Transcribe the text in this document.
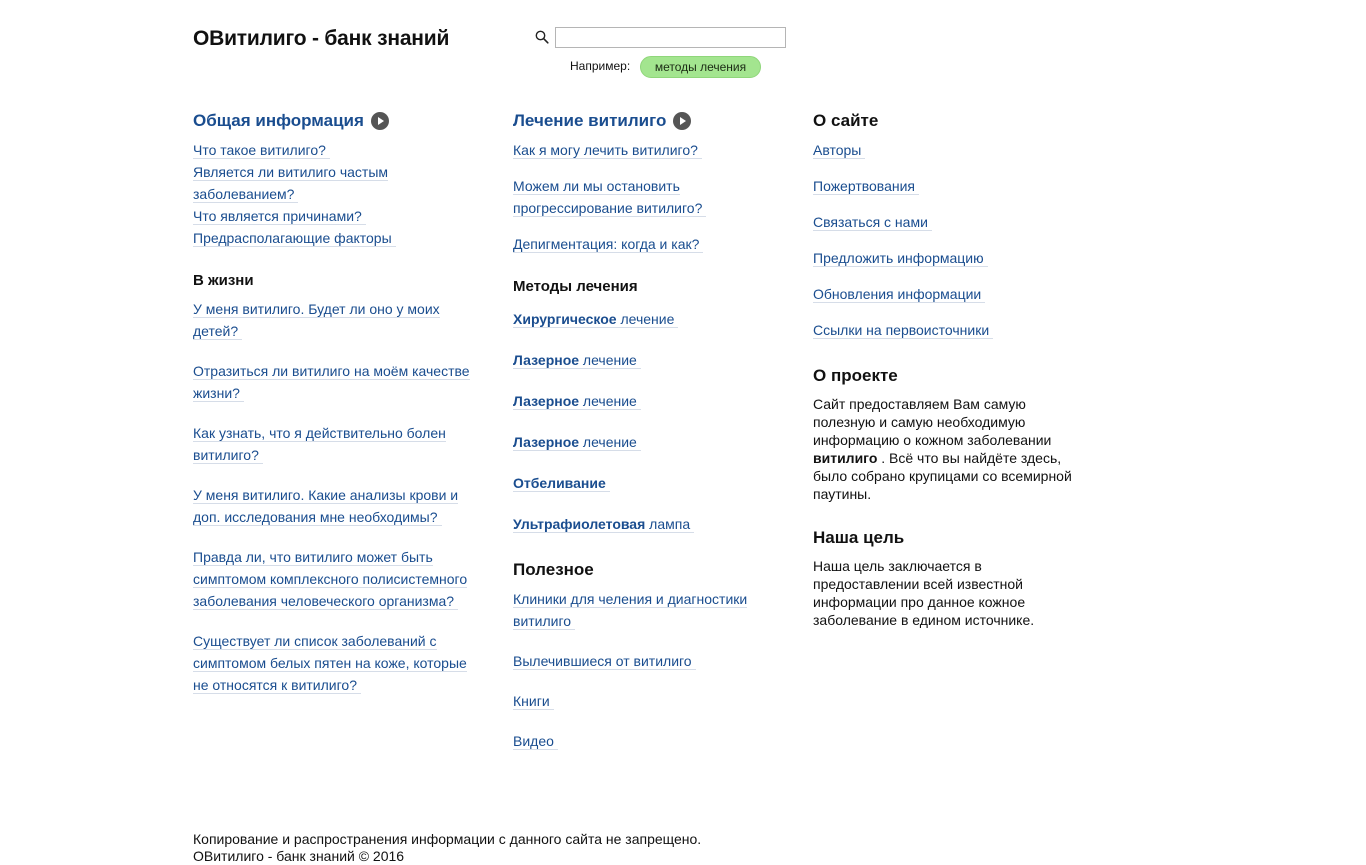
ОВитилиго - банк знаний
Например:	методы лечения
Общая информация
Что такое витилиго?
Является ли витилиго частым заболеванием?
Что является причинами?
Предрасполагающие факторы
В жизни
У меня витилиго. Будет ли оно у моих детей?
Отразиться ли витилиго на моём качестве жизни?
Как узнать, что я действительно болен витилиго?
У меня витилиго. Какие анализы крови и доп. исследования мне необходимы?
Правда ли, что витилиго может быть симптомом комплексного полисистемного заболевания человеческого организма?
Существует ли список заболеваний с симптомом белых пятен на коже, которые не относятся к витилиго?
Лечение витилиго
Как я могу лечить витилиго?
Можем ли мы остановить прогрессирование витилиго?
Депигментация: когда и как?
Методы лечения
Хирургическое лечение
Лазерное лечение
Лазерное лечение
Лазерное лечение
Отбеливание
Ультрафиолетовая лампа
Полезное
Клиники для челения и диагностики витилиго
Вылечившиеся от витилиго
Книги
Видео
О сайте
Авторы
Пожертвования
Связаться с нами
Предложить информацию
Обновления информации
Ссылки на первоисточники
О проекте

Сайт предоставляем Вам самую полезную и самую необходимую информацию о кожном заболевании витилиго . Всё что вы найдёте здесь, было собрано крупицами со всемирной паутины.

Наша цель

Наша цель заключается в предоставлении всей известной информации про данное кожное заболевание в едином источнике.

Копирование и распространения информации с данного сайта не запрещено.
ОВитилиго - банк знаний © 2016
